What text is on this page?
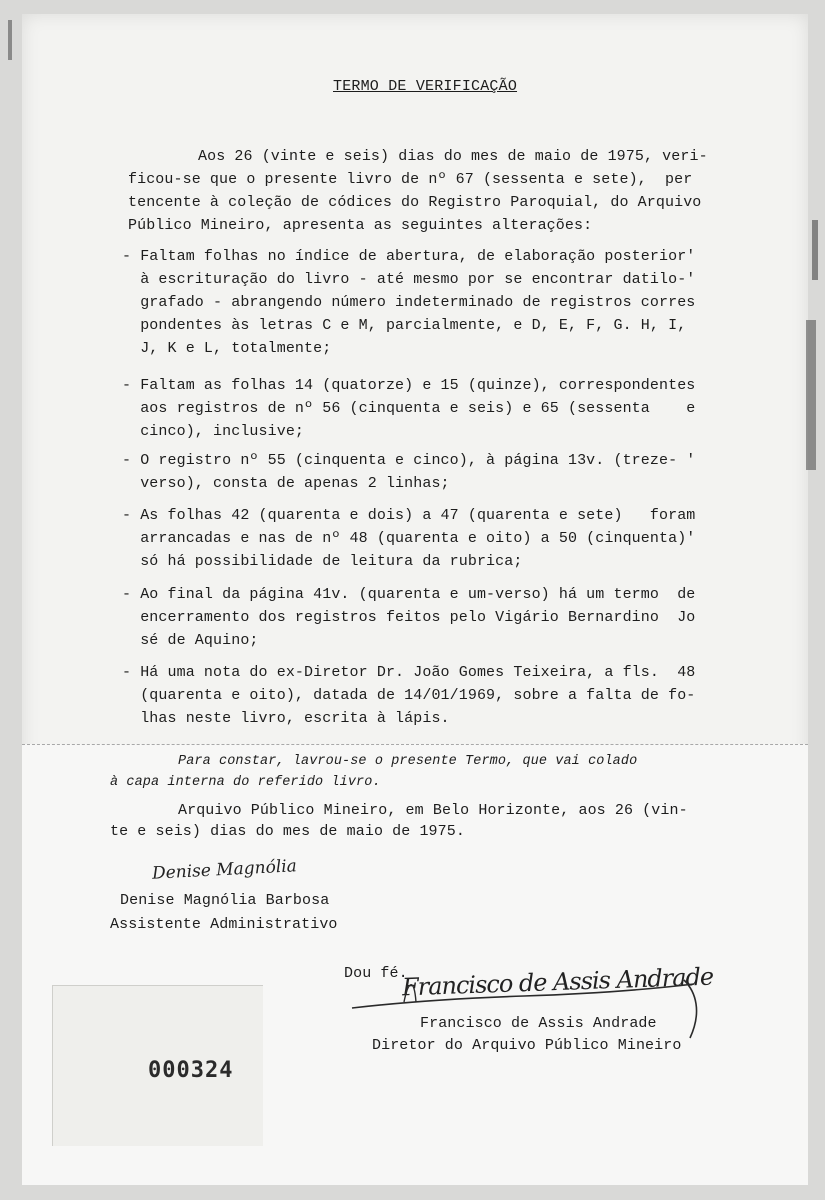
TERMO DE VERIFICAÇÃO
Aos 26 (vinte e seis) dias do mes de maio de 1975, veri-
ficou-se que o presente livro de nº 67 (sessenta e sete),  per
tencente à coleção de códices do Registro Paroquial, do Arquivo
Público Mineiro, apresenta as seguintes alterações:
- Faltam folhas no índice de abertura, de elaboração posterior'
à escrituração do livro - até mesmo por se encontrar datilo-'
grafado - abrangendo número indeterminado de registros corres
pondentes às letras C e M, parcialmente, e D, E, F, G. H, I,
J, K e L, totalmente;
- Faltam as folhas 14 (quatorze) e 15 (quinze), correspondentes
aos registros de nº 56 (cinquenta e seis) e 65 (sessenta    e
cinco), inclusive;
- O registro nº 55 (cinquenta e cinco), à página 13v. (treze- '
verso), consta de apenas 2 linhas;
- As folhas 42 (quarenta e dois) a 47 (quarenta e sete)   foram
arrancadas e nas de nº 48 (quarenta e oito) a 50 (cinquenta)'
só há possibilidade de leitura da rubrica;
- Ao final da página 41v. (quarenta e um-verso) há um termo  de
encerramento dos registros feitos pelo Vigário Bernardino  Jo
sé de Aquino;
- Há uma nota do ex-Diretor Dr. João Gomes Teixeira, a fls.  48
(quarenta e oito), datada de 14/01/1969, sobre a falta de fo-
lhas neste livro, escrita à lápis.
Para constar, lavrou-se o presente Termo, que vai colado
à capa interna do referido livro.
Arquivo Público Mineiro, em Belo Horizonte, aos 26 (vin-
te e seis) dias do mes de maio de 1975.
Denise Magnólia
Denise Magnólia Barbosa
Assistente Administrativo
Dou fé.
Francisco de Assis Andrade
Francisco de Assis Andrade
Diretor do Arquivo Público Mineiro
000324
